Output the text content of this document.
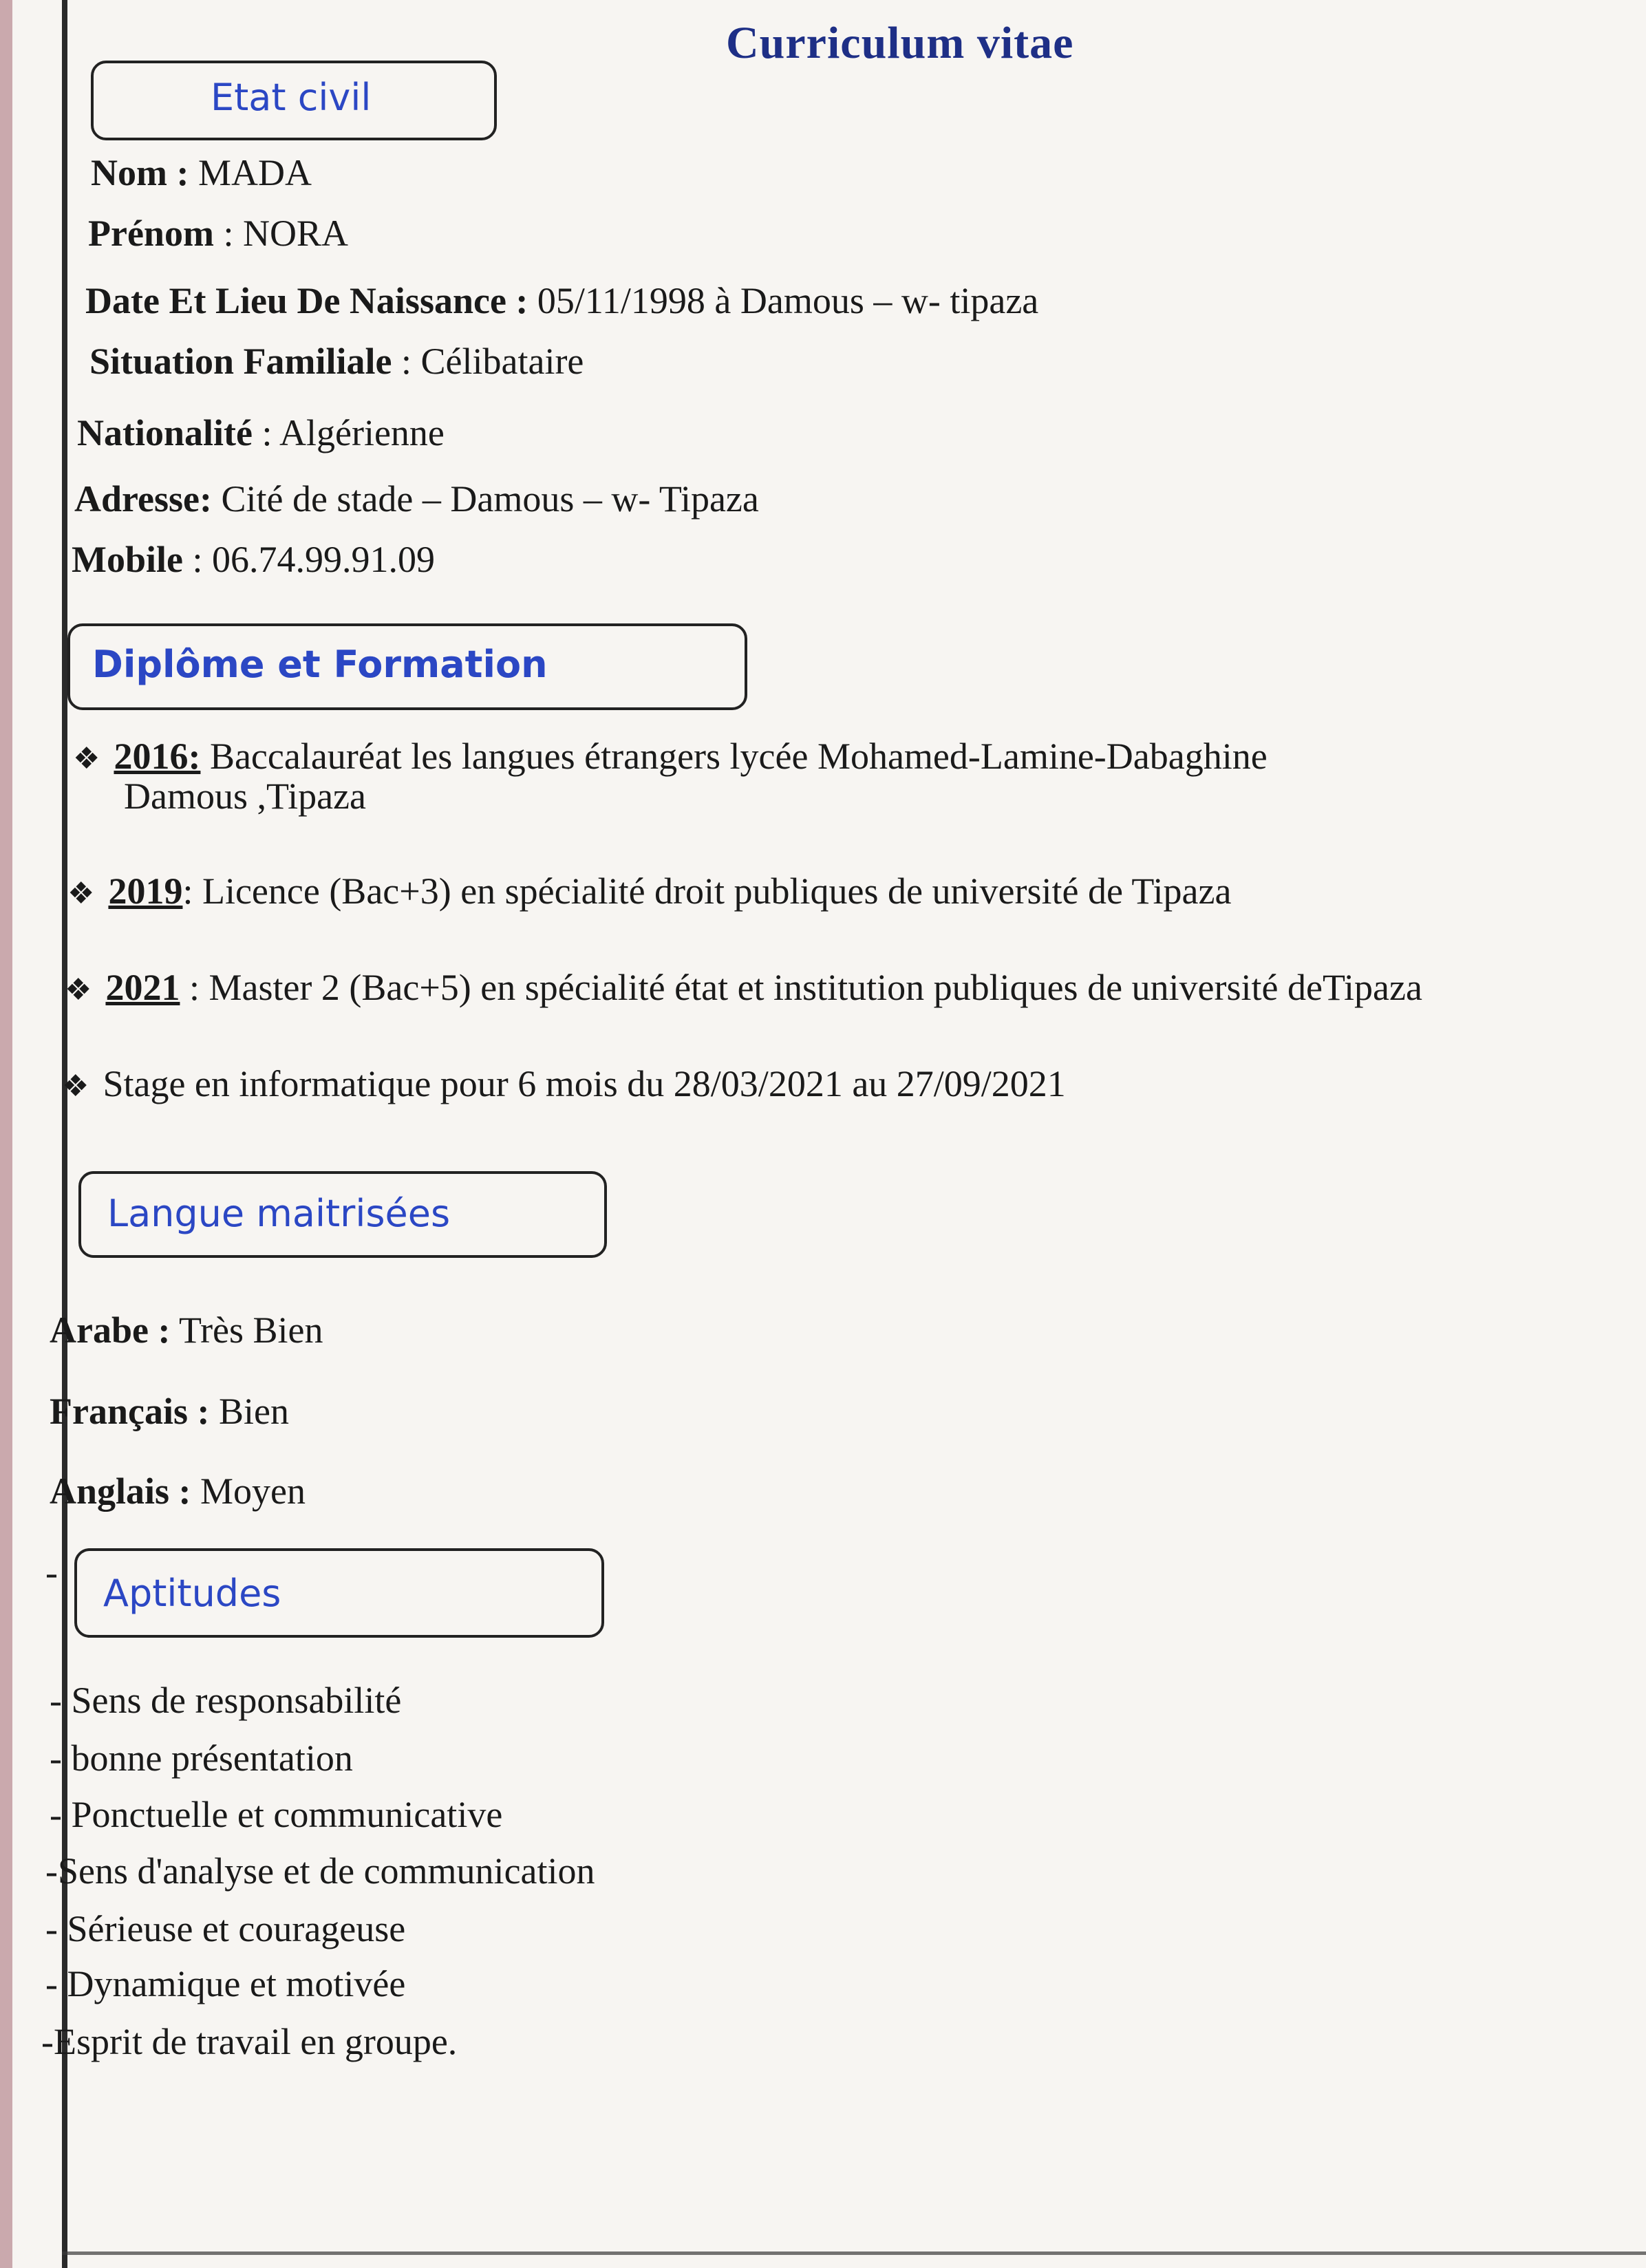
Curriculum vitae
Etat civil
Nom : MADA
Prénom : NORA
Date Et Lieu De Naissance : 05/11/1998 à Damous – w- tipaza
Situation Familiale : Célibataire
Nationalité : Algérienne
Adresse: Cité de stade – Damous – w- Tipaza
Mobile : 06.74.99.91.09
Diplôme et Formation
❖ 2016: Baccalauréat les langues étrangers lycée Mohamed-Lamine-Dabaghine
Damous ,Tipaza
❖ 2019: Licence (Bac+3) en spécialité droit publiques de université de Tipaza
❖ 2021 : Master 2 (Bac+5) en spécialité état et institution publiques de université deTipaza
❖ Stage en informatique pour 6 mois du 28/03/2021 au 27/09/2021
Langue maitrisées
Arabe : Très Bien
Français : Bien
Anglais : Moyen
- Aptitudes
- Sens de responsabilité
- bonne présentation
- Ponctuelle et communicative
-Sens d'analyse et de communication
- Sérieuse et courageuse
- Dynamique et motivée
-Esprit de travail en groupe.
